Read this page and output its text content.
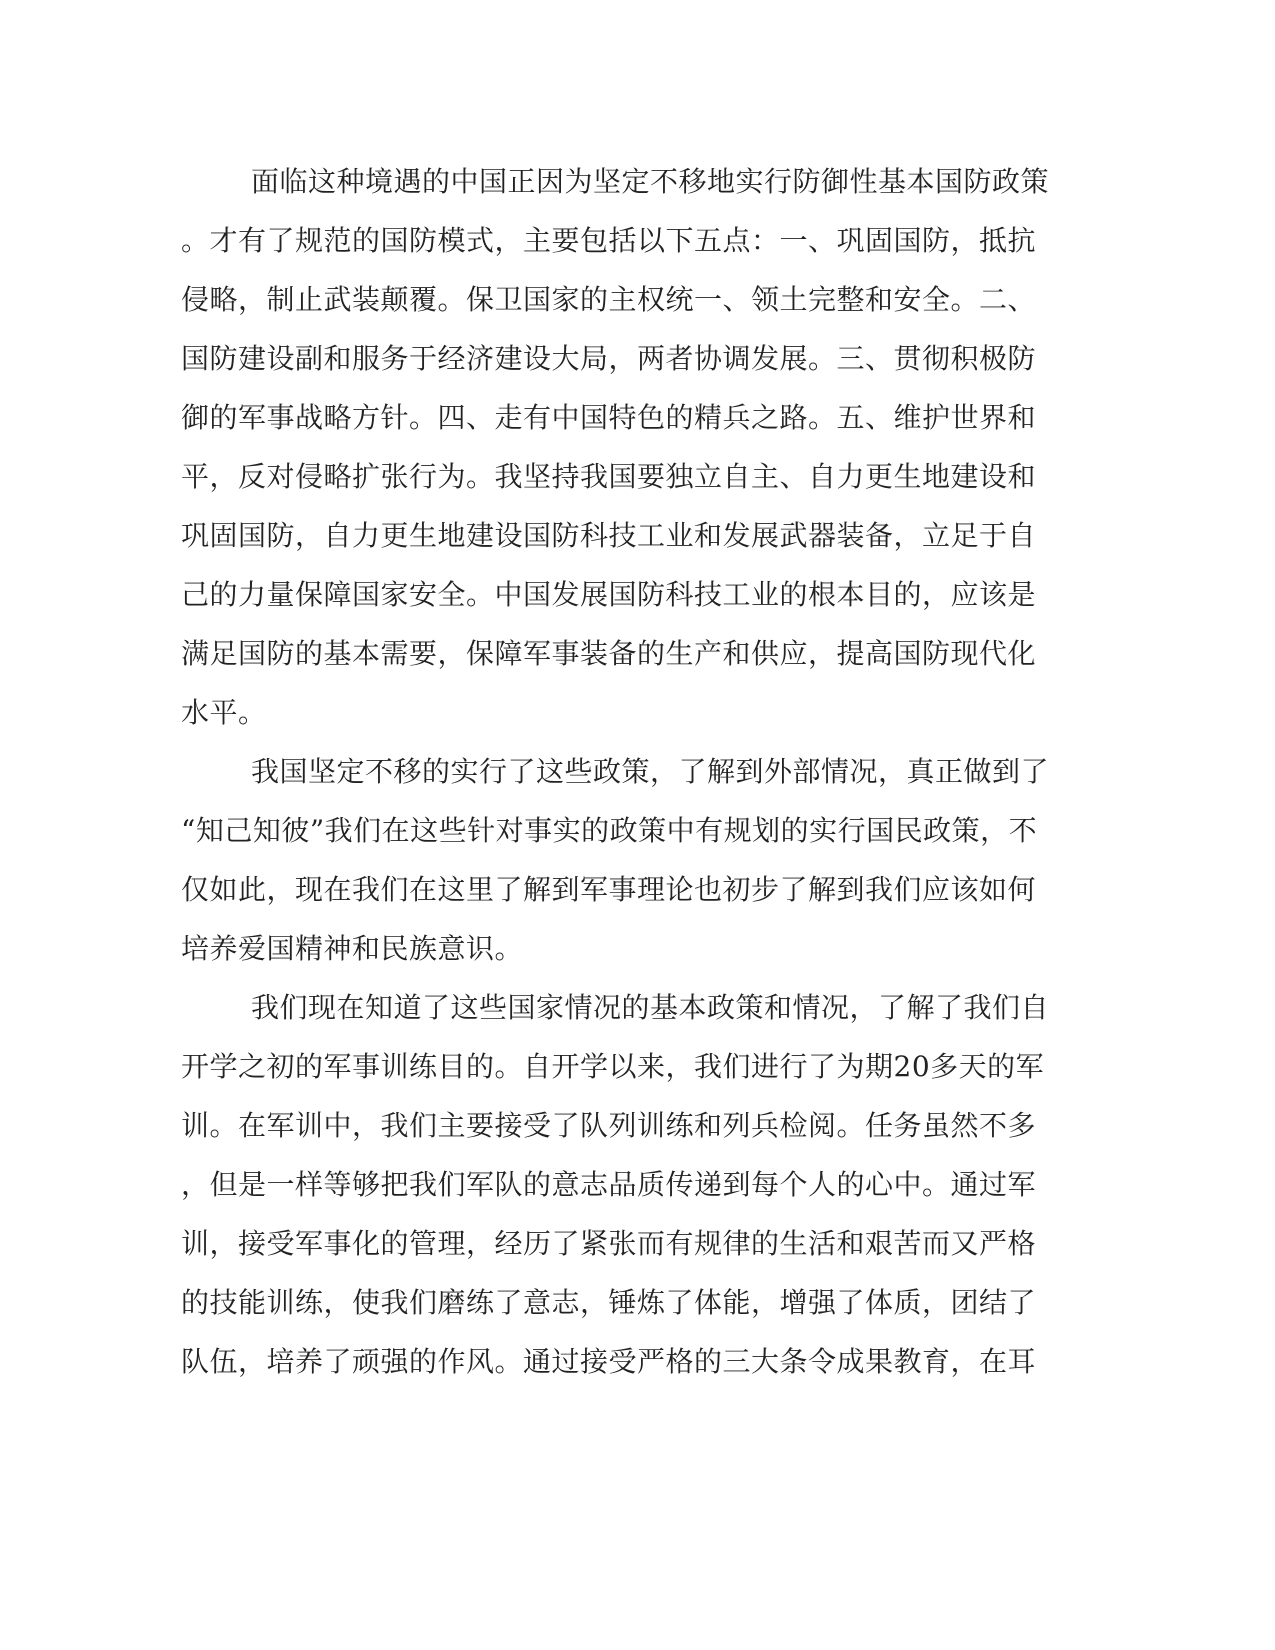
面临这种境遇的中国正因为坚定不移地实行防御性基本国防政策
。才有了规范的国防模式，主要包括以下五点：一、巩固国防，抵抗
侵略，制止武装颠覆。保卫国家的主权统一、领土完整和安全。二、
国防建设副和服务于经济建设大局，两者协调发展。三、贯彻积极防
御的军事战略方针。四、走有中国特色的精兵之路。五、维护世界和
平，反对侵略扩张行为。我坚持我国要独立自主、自力更生地建设和
巩固国防，自力更生地建设国防科技工业和发展武器装备，立足于自
己的力量保障国家安全。中国发展国防科技工业的根本目的，应该是
满足国防的基本需要，保障军事装备的生产和供应，提高国防现代化
水平。
我国坚定不移的实行了这些政策，了解到外部情况，真正做到了
“知己知彼”我们在这些针对事实的政策中有规划的实行国民政策，不
仅如此，现在我们在这里了解到军事理论也初步了解到我们应该如何
培养爱国精神和民族意识。
我们现在知道了这些国家情况的基本政策和情况，了解了我们自
开学之初的军事训练目的。自开学以来，我们进行了为期20多天的军
训。在军训中，我们主要接受了队列训练和列兵检阅。任务虽然不多
，但是一样等够把我们军队的意志品质传递到每个人的心中。通过军
训，接受军事化的管理，经历了紧张而有规律的生活和艰苦而又严格
的技能训练，使我们磨练了意志，锤炼了体能，增强了体质，团结了
队伍，培养了顽强的作风。通过接受严格的三大条令成果教育，在耳
